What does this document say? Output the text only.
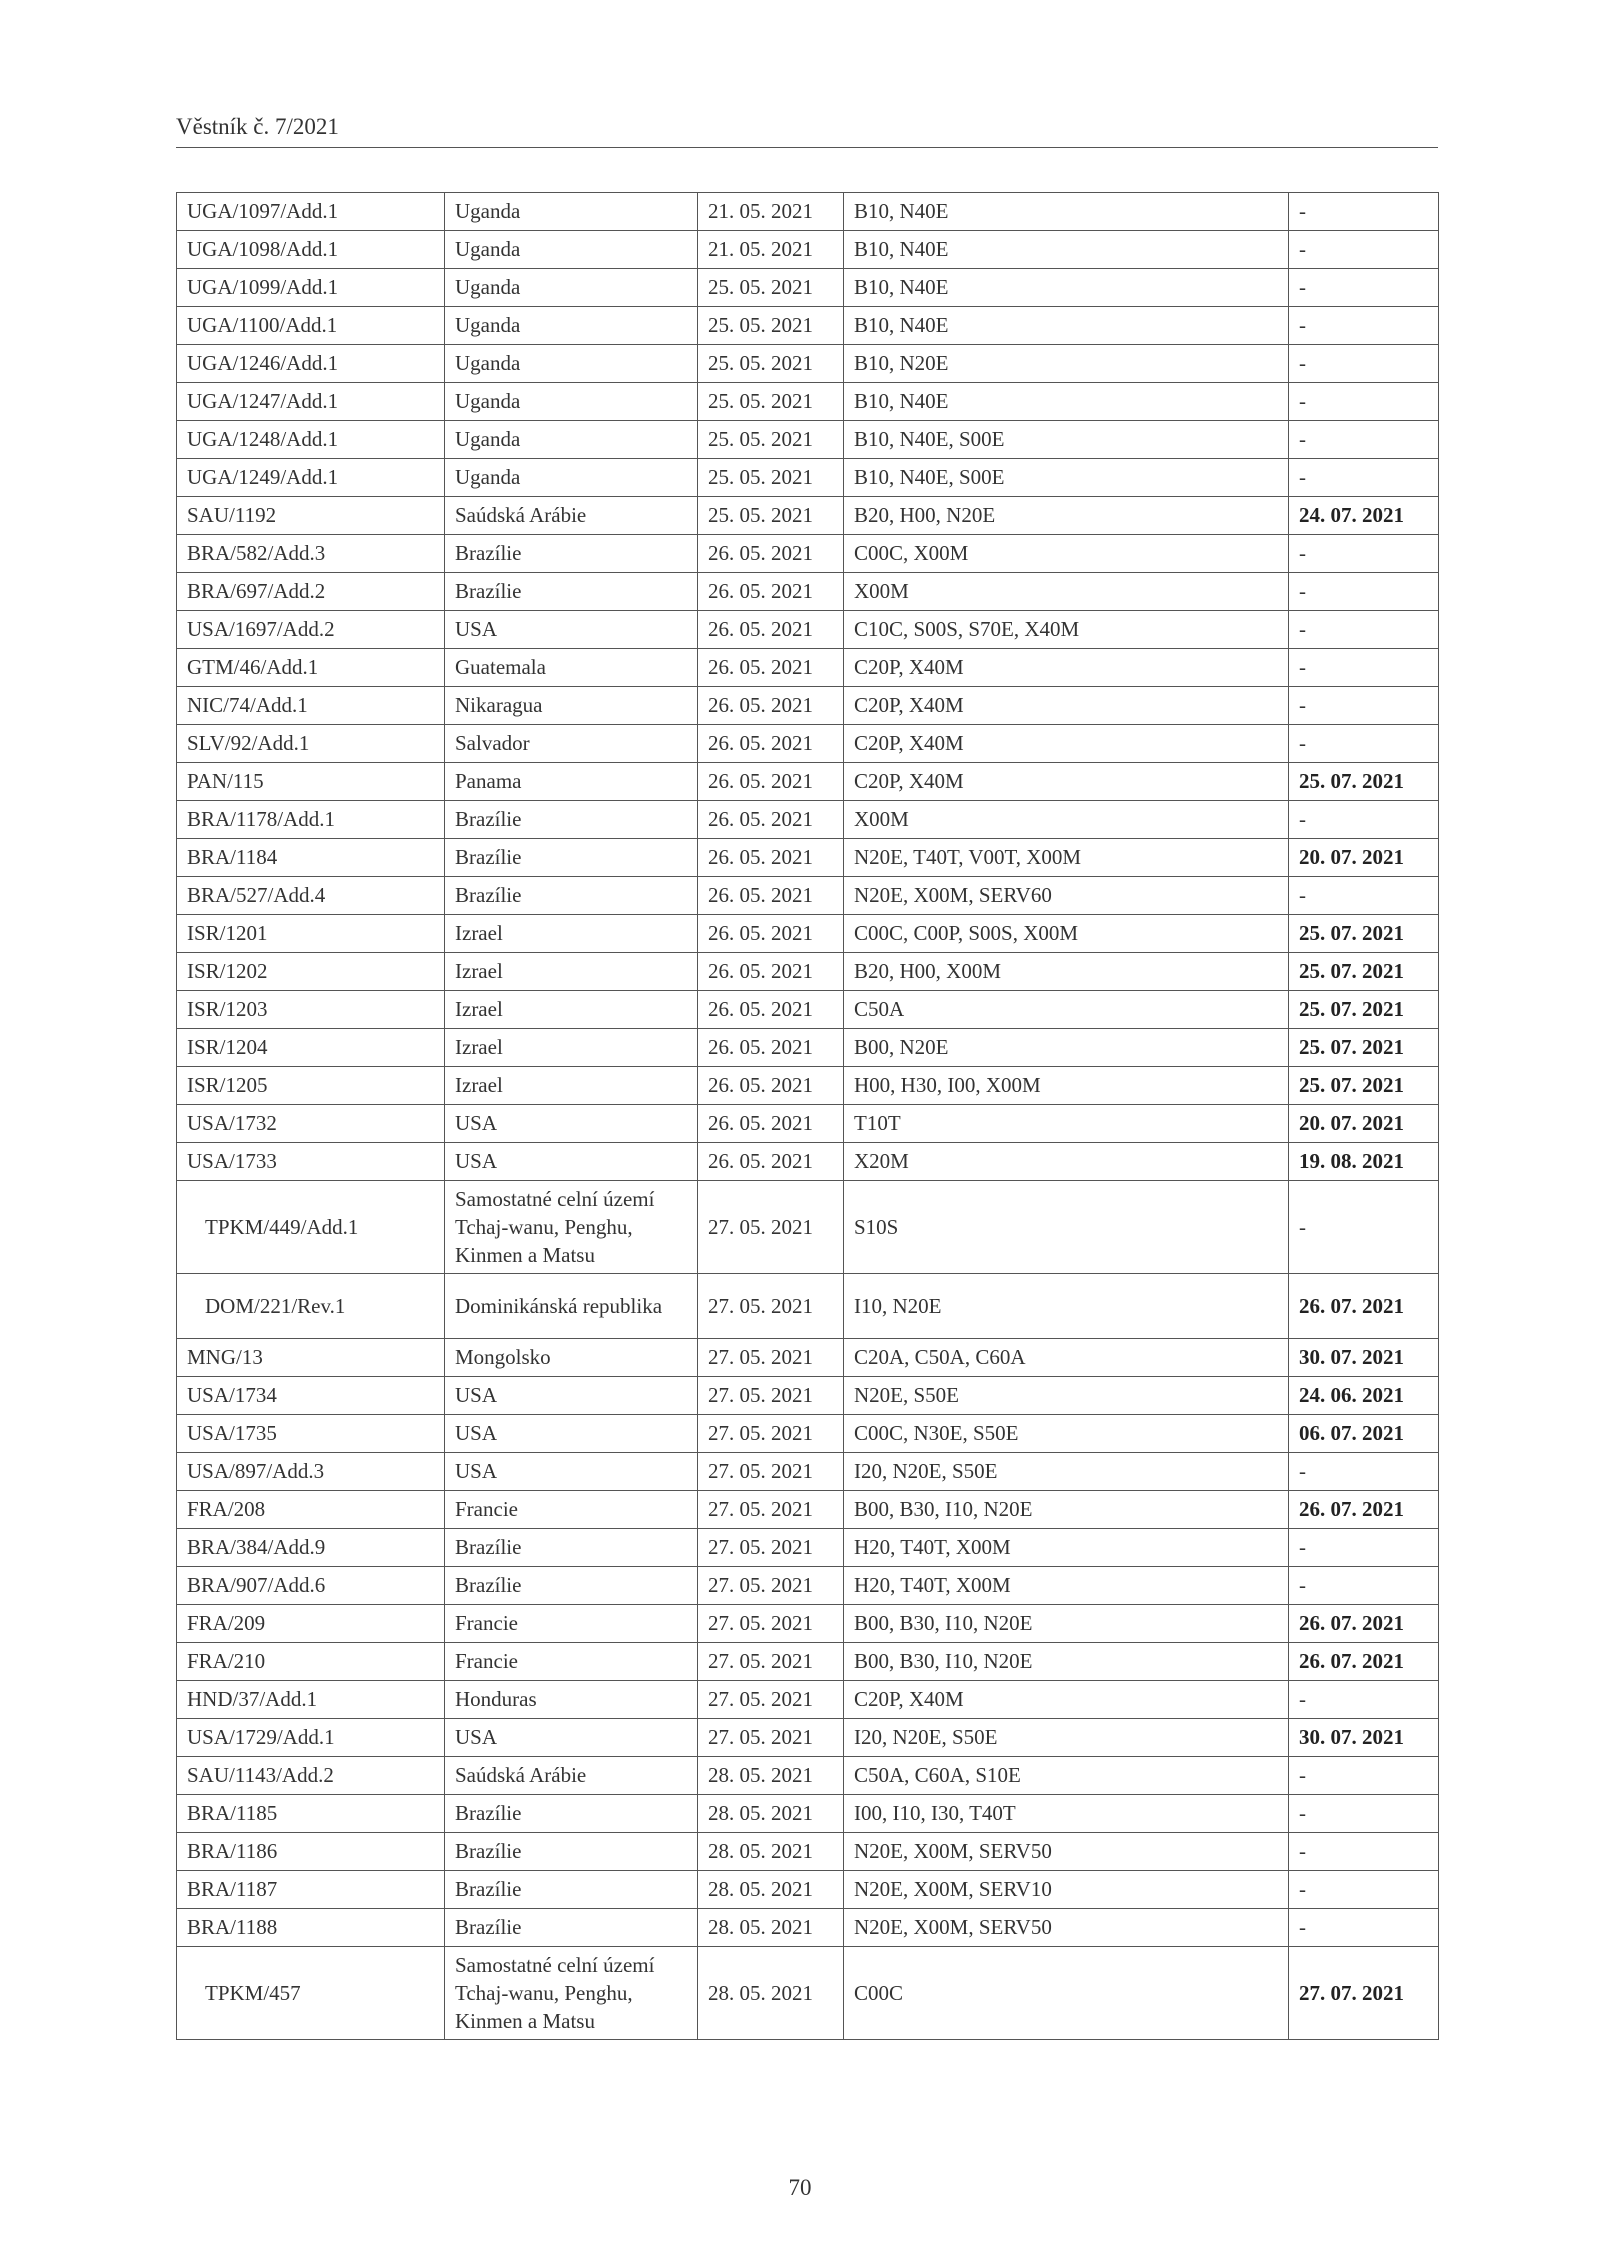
Věstník č. 7/2021
UGA/1097/Add.1	Uganda	21. 05. 2021	B10, N40E	-
UGA/1098/Add.1	Uganda	21. 05. 2021	B10, N40E	-
UGA/1099/Add.1	Uganda	25. 05. 2021	B10, N40E	-
UGA/1100/Add.1	Uganda	25. 05. 2021	B10, N40E	-
UGA/1246/Add.1	Uganda	25. 05. 2021	B10, N20E	-
UGA/1247/Add.1	Uganda	25. 05. 2021	B10, N40E	-
UGA/1248/Add.1	Uganda	25. 05. 2021	B10, N40E, S00E	-
UGA/1249/Add.1	Uganda	25. 05. 2021	B10, N40E, S00E	-
SAU/1192	Saúdská Arábie	25. 05. 2021	B20, H00, N20E	24. 07. 2021
BRA/582/Add.3	Brazílie	26. 05. 2021	C00C, X00M	-
BRA/697/Add.2	Brazílie	26. 05. 2021	X00M	-
USA/1697/Add.2	USA	26. 05. 2021	C10C, S00S, S70E, X40M	-
GTM/46/Add.1	Guatemala	26. 05. 2021	C20P, X40M	-
NIC/74/Add.1	Nikaragua	26. 05. 2021	C20P, X40M	-
SLV/92/Add.1	Salvador	26. 05. 2021	C20P, X40M	-
PAN/115	Panama	26. 05. 2021	C20P, X40M	25. 07. 2021
BRA/1178/Add.1	Brazílie	26. 05. 2021	X00M	-
BRA/1184	Brazílie	26. 05. 2021	N20E, T40T, V00T, X00M	20. 07. 2021
BRA/527/Add.4	Brazílie	26. 05. 2021	N20E, X00M, SERV60	-
ISR/1201	Izrael	26. 05. 2021	C00C, C00P, S00S, X00M	25. 07. 2021
ISR/1202	Izrael	26. 05. 2021	B20, H00, X00M	25. 07. 2021
ISR/1203	Izrael	26. 05. 2021	C50A	25. 07. 2021
ISR/1204	Izrael	26. 05. 2021	B00, N20E	25. 07. 2021
ISR/1205	Izrael	26. 05. 2021	H00, H30, I00, X00M	25. 07. 2021
USA/1732	USA	26. 05. 2021	T10T	20. 07. 2021
USA/1733	USA	26. 05. 2021	X20M	19. 08. 2021
TPKM/449/Add.1	Samostatné celní území Tchaj-wanu, Penghu, Kinmen a Matsu	27. 05. 2021	S10S	-
DOM/221/Rev.1	Dominikánská republika	27. 05. 2021	I10, N20E	26. 07. 2021
MNG/13	Mongolsko	27. 05. 2021	C20A, C50A, C60A	30. 07. 2021
USA/1734	USA	27. 05. 2021	N20E, S50E	24. 06. 2021
USA/1735	USA	27. 05. 2021	C00C, N30E, S50E	06. 07. 2021
USA/897/Add.3	USA	27. 05. 2021	I20, N20E, S50E	-
FRA/208	Francie	27. 05. 2021	B00, B30, I10, N20E	26. 07. 2021
BRA/384/Add.9	Brazílie	27. 05. 2021	H20, T40T, X00M	-
BRA/907/Add.6	Brazílie	27. 05. 2021	H20, T40T, X00M	-
FRA/209	Francie	27. 05. 2021	B00, B30, I10, N20E	26. 07. 2021
FRA/210	Francie	27. 05. 2021	B00, B30, I10, N20E	26. 07. 2021
HND/37/Add.1	Honduras	27. 05. 2021	C20P, X40M	-
USA/1729/Add.1	USA	27. 05. 2021	I20, N20E, S50E	30. 07. 2021
SAU/1143/Add.2	Saúdská Arábie	28. 05. 2021	C50A, C60A, S10E	-
BRA/1185	Brazílie	28. 05. 2021	I00, I10, I30, T40T	-
BRA/1186	Brazílie	28. 05. 2021	N20E, X00M, SERV50	-
BRA/1187	Brazílie	28. 05. 2021	N20E, X00M, SERV10	-
BRA/1188	Brazílie	28. 05. 2021	N20E, X00M, SERV50	-
TPKM/457	Samostatné celní území Tchaj-wanu, Penghu, Kinmen a Matsu	28. 05. 2021	C00C	27. 07. 2021
70
